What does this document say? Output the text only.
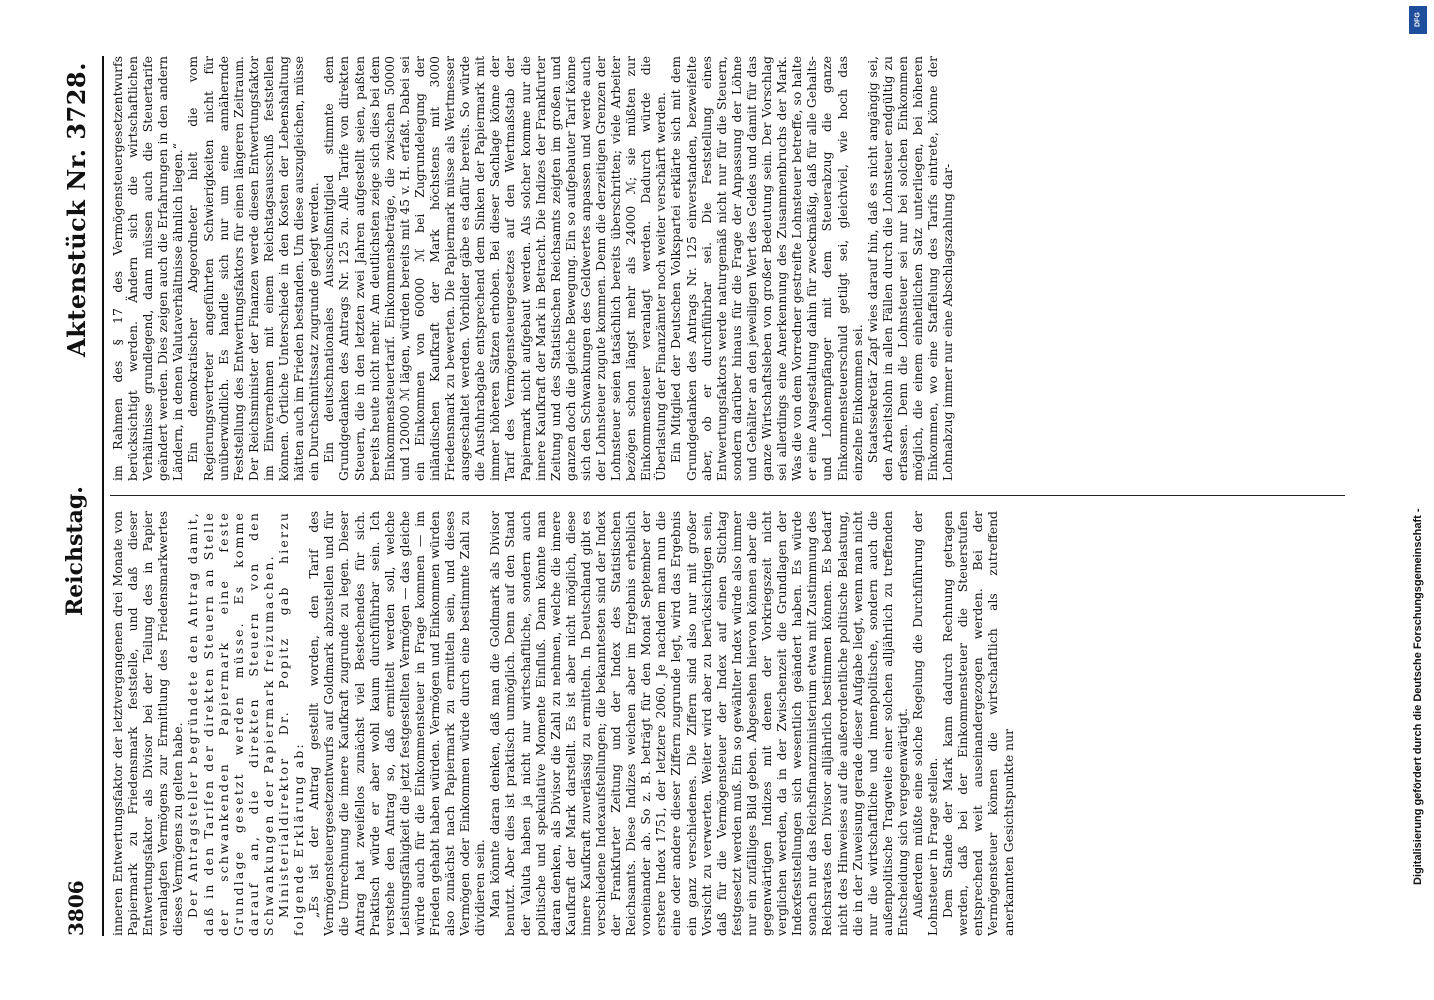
3806
Reichstag.
Aktenstück Nr. 3728.

inneren Entwertungsfaktor der letztvergangenen drei Monate von Papiermark zu Friedensmark feststelle, und daß dieser Entwertungsfaktor als Divisor bei der Teilung des in Papier veranlagten Vermögens zur Ermittlung des Friedensmarkwertes dieses Vermögens zu gelten habe. Der Antragsteller begründete den Antrag damit, daß in den Tarifen der direkten Steuern an Stelle der schwankenden Papiermark eine feste Grundlage gesetzt werden müsse. Es komme darauf an, die direkten Steuern von den Schwankungen der Papiermark freizumachen. Ministerialdirektor Dr. Popitz gab hierzu folgende Erklärung ab: „Es ist der Antrag gestellt worden, den Tarif des Vermögensteuergesetzentwurfs auf Goldmark abzustellen und für die Umrechnung die innere Kaufkraft zugrunde zu legen. Dieser Antrag hat zweifellos zunächst viel Bestechendes für sich. Praktisch würde er aber wohl kaum durchführbar sein. Ich verstehe den Antrag so, daß ermittelt werden soll, welche Leistungsfähigkeit die jetzt festgestellten Vermögen — das gleiche würde auch für die Einkommensteuer in Frage kommen — im Frieden gehabt haben würden. Vermögen und Einkommen würden also zunächst nach Papiermark zu ermitteln sein, und dieses Vermögen oder Einkommen würde durch eine bestimmte Zahl zu dividieren sein. Man könnte daran denken, daß man die Goldmark als Divisor benutzt. Aber dies ist praktisch unmöglich. Denn auf den Stand der Valuta haben ja nicht nur wirtschaftliche, sondern auch politische und spekulative Momente Einfluß. Dann könnte man daran denken, als Divisor die Zahl zu nehmen, welche die innere Kaufkraft der Mark darstellt. Es ist aber nicht möglich, diese innere Kaufkraft zuverlässig zu ermitteln. In Deutschland gibt es verschiedene Indexaufstellungen; die bekanntesten sind der Index der Frankfurter Zeitung und der Index des Statistischen Reichsamts. Diese Indizes weichen aber im Ergebnis erheblich voneinander ab. So z. B. beträgt für den Monat September der erstere Index 1751, der letztere 2060. Je nachdem man nun die eine oder andere dieser Ziffern zugrunde legt, wird das Ergebnis ein ganz verschiedenes. Die Ziffern sind also nur mit großer Vorsicht zu verwerten. Weiter wird aber zu berücksichtigen sein, daß für die Vermögensteuer der Index auf einen Stichtag festgesetzt werden muß. Ein so gewählter Index würde also immer nur ein zufälliges Bild geben. Abgesehen hiervon können aber die gegenwärtigen Indizes mit denen der Vorkriegszeit nicht verglichen werden, da in der Zwischenzeit die Grundlagen der Indexfeststellungen sich wesentlich geändert haben. Es würde sonach nur das Reichsfinanzministerium etwa mit Zustimmung des Reichsrates den Divisor alljährlich bestimmen können. Es bedarf nicht des Hinweises auf die außerordentliche politische Belastung, die in der Zuweisung gerade dieser Aufgabe liegt, wenn man nicht nur die wirtschaftliche und innenpolitische, sondern auch die außenpolitische Tragweite einer solchen alljährlich zu treffenden Entscheidung sich vergegenwärtigt. Außerdem müßte eine solche Regelung die Durchführung der Lohnsteuer in Frage stellen. Dem Stande der Mark kann dadurch Rechnung getragen werden, daß bei der Einkommensteuer die Steuerstufen entsprechend weit auseinandergezogen werden. Bei der Vermögensteuer können die wirtschaftlich als zutreffend anerkannten Gesichtspunkte nur

im Rahmen des § 17 des Vermögensteuergesetzentwurfs berücksichtigt werden. Ändern sich die wirtschaftlichen Verhältnisse grundlegend, dann müssen auch die Steuertarife geändert werden. Dies zeigen auch die Erfahrungen in den andern Ländern, in denen Valutaverhältnisse ähnlich liegen.“ Ein demokratischer Abgeordneter hielt die vom Regierungsvertreter angeführten Schwierigkeiten nicht für unüberwindlich. Es handle sich nur um eine annähernde Feststellung des Entwertungsfaktors für einen längeren Zeitraum. Der Reichsminister der Finanzen werde diesen Entwertungsfaktor im Einvernehmen mit einem Reichstagsausschuß feststellen können. Örtliche Unterschiede in den Kosten der Lebenshaltung hätten auch im Frieden bestanden. Um diese auszugleichen, müsse ein Durchschnittssatz zugrunde gelegt werden. Ein deutschnationales Ausschußmitglied stimmte dem Grundgedanken des Antrags Nr. 125 zu. Alle Tarife von direkten Steuern, die in den letzten zwei Jahren aufgestellt seien, paßten bereits heute nicht mehr. Am deutlichsten zeige sich dies bei dem Einkommensteuertarif. Einkommensbeträge, die zwischen 50000 und 120000 ℳ lägen, würden bereits mit 45 v. H. erfaßt. Dabei sei ein Einkommen von 60000 ℳ bei Zugrundelegung der inländischen Kaufkraft der Mark höchstens mit 3000 Friedensmark zu bewerten. Die Papiermark müsse als Wertmesser ausgeschaltet werden. Vorbilder gäbe es dafür bereits. So würde die Ausfuhrabgabe entsprechend dem Sinken der Papiermark mit immer höheren Sätzen erhoben. Bei dieser Sachlage könne der Tarif des Vermögensteuergesetzes auf den Wertmaßstab der Papiermark nicht aufgebaut werden. Als solcher komme nur die innere Kaufkraft der Mark in Betracht. Die Indizes der Frankfurter Zeitung und des Statistischen Reichsamts zeigten im großen und ganzen doch die gleiche Bewegung. Ein so aufgebauter Tarif könne sich den Schwankungen des Geldwertes anpassen und werde auch der Lohnsteuer zugute kommen. Denn die derzeitigen Grenzen der Lohnsteuer seien tatsächlich bereits überschritten; viele Arbeiter bezögen schon längst mehr als 24000 ℳ; sie müßten zur Einkommensteuer veranlagt werden. Dadurch würde die Überlastung der Finanzämter noch weiter verschärft werden. Ein Mitglied der Deutschen Volkspartei erklärte sich mit dem Grundgedanken des Antrags Nr. 125 einverstanden, bezweifelte aber, ob er durchführbar sei. Die Feststellung eines Entwertungsfaktors werde naturgemäß nicht nur für die Steuern, sondern darüber hinaus für die Frage der Anpassung der Löhne und Gehälter an den jeweiligen Wert des Geldes und damit für das ganze Wirtschaftsleben von großer Bedeutung sein. Der Vorschlag sei allerdings eine Anerkennung des Zusammenbruchs der Mark. Was die von dem Vorredner gestreifte Lohnsteuer betreffe, so halte er eine Ausgestaltung dahin für zweckmäßig, daß für alle Gehalts- und Lohnempfänger mit dem Steuerabzug die ganze Einkommensteuerschuld getilgt sei, gleichviel, wie hoch das einzelne Einkommen sei. Staatssekretär Zapf wies darauf hin, daß es nicht angängig sei, den Arbeitslohn in allen Fällen durch die Lohnsteuer endgültig zu erfassen. Denn die Lohnsteuer sei nur bei solchen Einkommen möglich, die einem einheitlichen Satz unterliegen, bei höheren Einkommen, wo eine Staffelung des Tarifs eintrete, könne der Lohnabzug immer nur eine Abschlagszahlung dar-

DFG
Digitalisierung gefördert durch die Deutsche Forschungsgemeinschaft -
